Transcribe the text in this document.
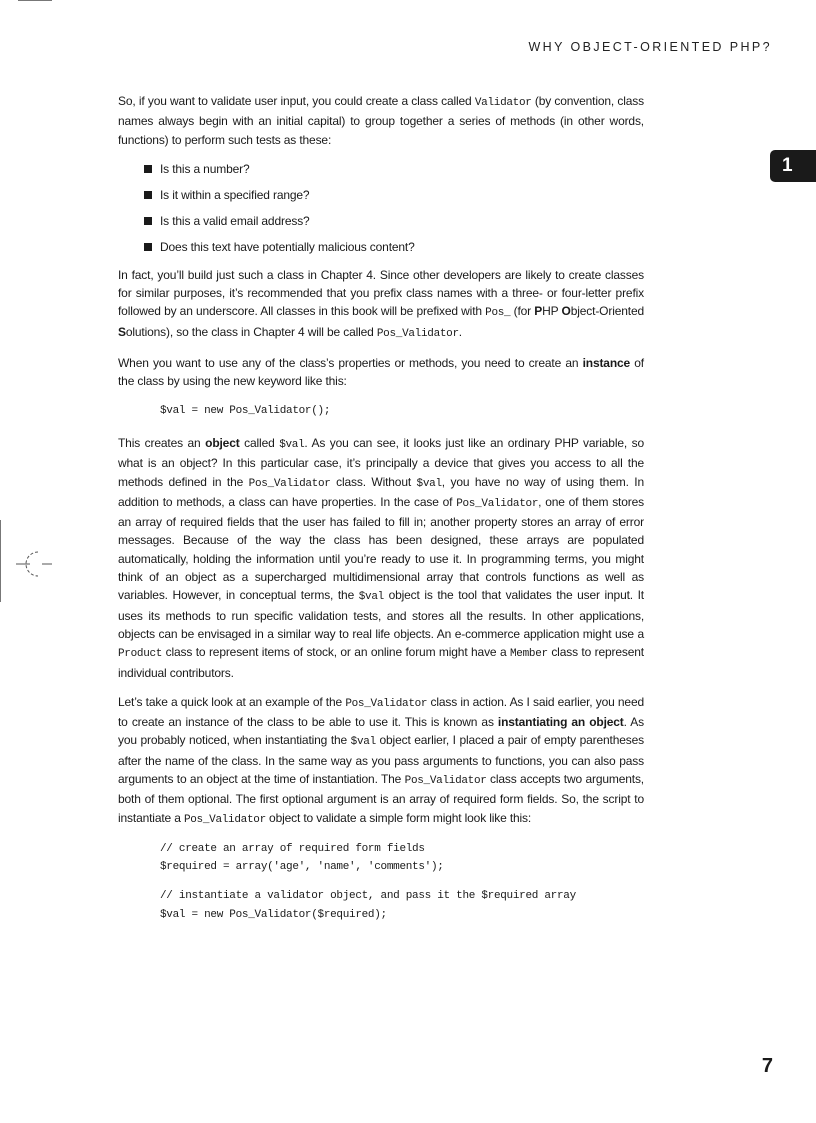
WHY OBJECT-ORIENTED PHP?
1

So, if you want to validate user input, you could create a class called Validator (by convention, class names always begin with an initial capital) to group together a series of methods (in other words, functions) to perform such tests as these:

Is this a number?
Is it within a specified range?
Is this a valid email address?
Does this text have potentially malicious content?

In fact, you’ll build just such a class in Chapter 4. Since other developers are likely to create classes for similar purposes, it’s recommended that you prefix class names with a three- or four-letter prefix followed by an underscore. All classes in this book will be prefixed with Pos_ (for PHP Object-Oriented Solutions), so the class in Chapter 4 will be called Pos_Validator.

When you want to use any of the class’s properties or methods, you need to create an instance of the class by using the new keyword like this:

$val = new Pos_Validator();

This creates an object called $val. As you can see, it looks just like an ordinary PHP variable, so what is an object? In this particular case, it’s principally a device that gives you access to all the methods defined in the Pos_Validator class. Without $val, you have no way of using them. In addition to methods, a class can have properties. In the case of Pos_Validator, one of them stores an array of required fields that the user has failed to fill in; another property stores an array of error messages. Because of the way the class has been designed, these arrays are populated automatically, holding the information until you’re ready to use it. In programming terms, you might think of an object as a supercharged multidimensional array that controls functions as well as variables. However, in conceptual terms, the $val object is the tool that validates the user input. It uses its methods to run specific validation tests, and stores all the results. In other applications, objects can be envisaged in a similar way to real life objects. An e-commerce application might use a Product class to represent items of stock, or an online forum might have a Member class to represent individual contributors.

Let’s take a quick look at an example of the Pos_Validator class in action. As I said earlier, you need to create an instance of the class to be able to use it. This is known as instantiating an object. As you probably noticed, when instantiating the $val object earlier, I placed a pair of empty parentheses after the name of the class. In the same way as you pass arguments to functions, you can also pass arguments to an object at the time of instantiation. The Pos_Validator class accepts two arguments, both of them optional. The first optional argument is an array of required form fields. So, the script to instantiate a Pos_Validator object to validate a simple form might look like this:

// create an array of required form fields
$required = array('age', 'name', 'comments');
// instantiate a validator object, and pass it the $required array
$val = new Pos_Validator($required);
7
